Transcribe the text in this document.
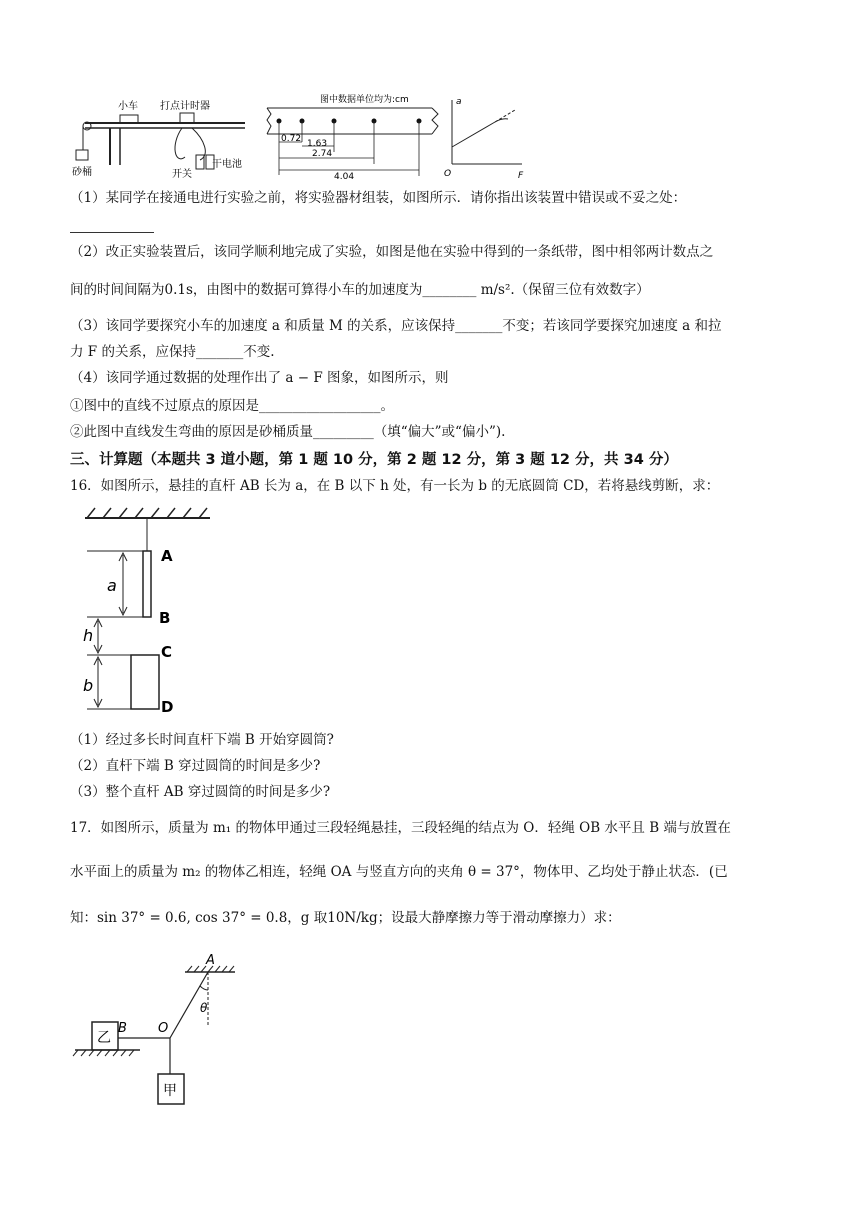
小车 打点计时器
砂桶	开关
干电池
图中数据单位均为:cm
0.72 1.63
2.74
4.04
a
F
O
（1）某同学在接通电进行实验之前，将实验器材组装，如图所示．请你指出该装置中错误或不妥之处：
（2）改正实验装置后，该同学顺利地完成了实验，如图是他在实验中得到的一条纸带，图中相邻两计数点之
间的时间间隔为0.1s，由图中的数据可算得小车的加速度为________ m/s².（保留三位有效数字）
（3）该同学要探究小车的加速度 a 和质量 M 的关系，应该保持_______不变；若该同学要探究加速度 a 和拉
力 F 的关系，应保持_______不变.
（4）该同学通过数据的处理作出了 a − F 图象，如图所示，则
①图中的直线不过原点的原因是__________________。
②此图中直线发生弯曲的原因是砂桶质量_________（填“偏大”或“偏小”).
三、计算题（本题共 3 道小题，第 1 题 10 分，第 2 题 12 分，第 3 题 12 分，共 34 分）
16．如图所示，悬挂的直杆 AB 长为 a，在 B 以下 h 处，有一长为 b 的无底圆筒 CD，若将悬线剪断，求：
A
B
C
D
a
h
b
（1）经过多长时间直杆下端 B 开始穿圆筒?
（2）直杆下端 B 穿过圆筒的时间是多少?
（3）整个直杆 AB 穿过圆筒的时间是多少?
17．如图所示，质量为 m₁ 的物体甲通过三段轻绳悬挂，三段轻绳的结点为 O．轻绳 OB 水平且 B 端与放置在
水平面上的质量为 m₂ 的物体乙相连，轻绳 OA 与竖直方向的夹角 θ = 37°，物体甲、乙均处于静止状态．(已
知：sin 37° = 0.6, cos 37° = 0.8，g 取10N/kg；设最大静摩擦力等于滑动摩擦力）求：
A
θ
B O
乙
甲
